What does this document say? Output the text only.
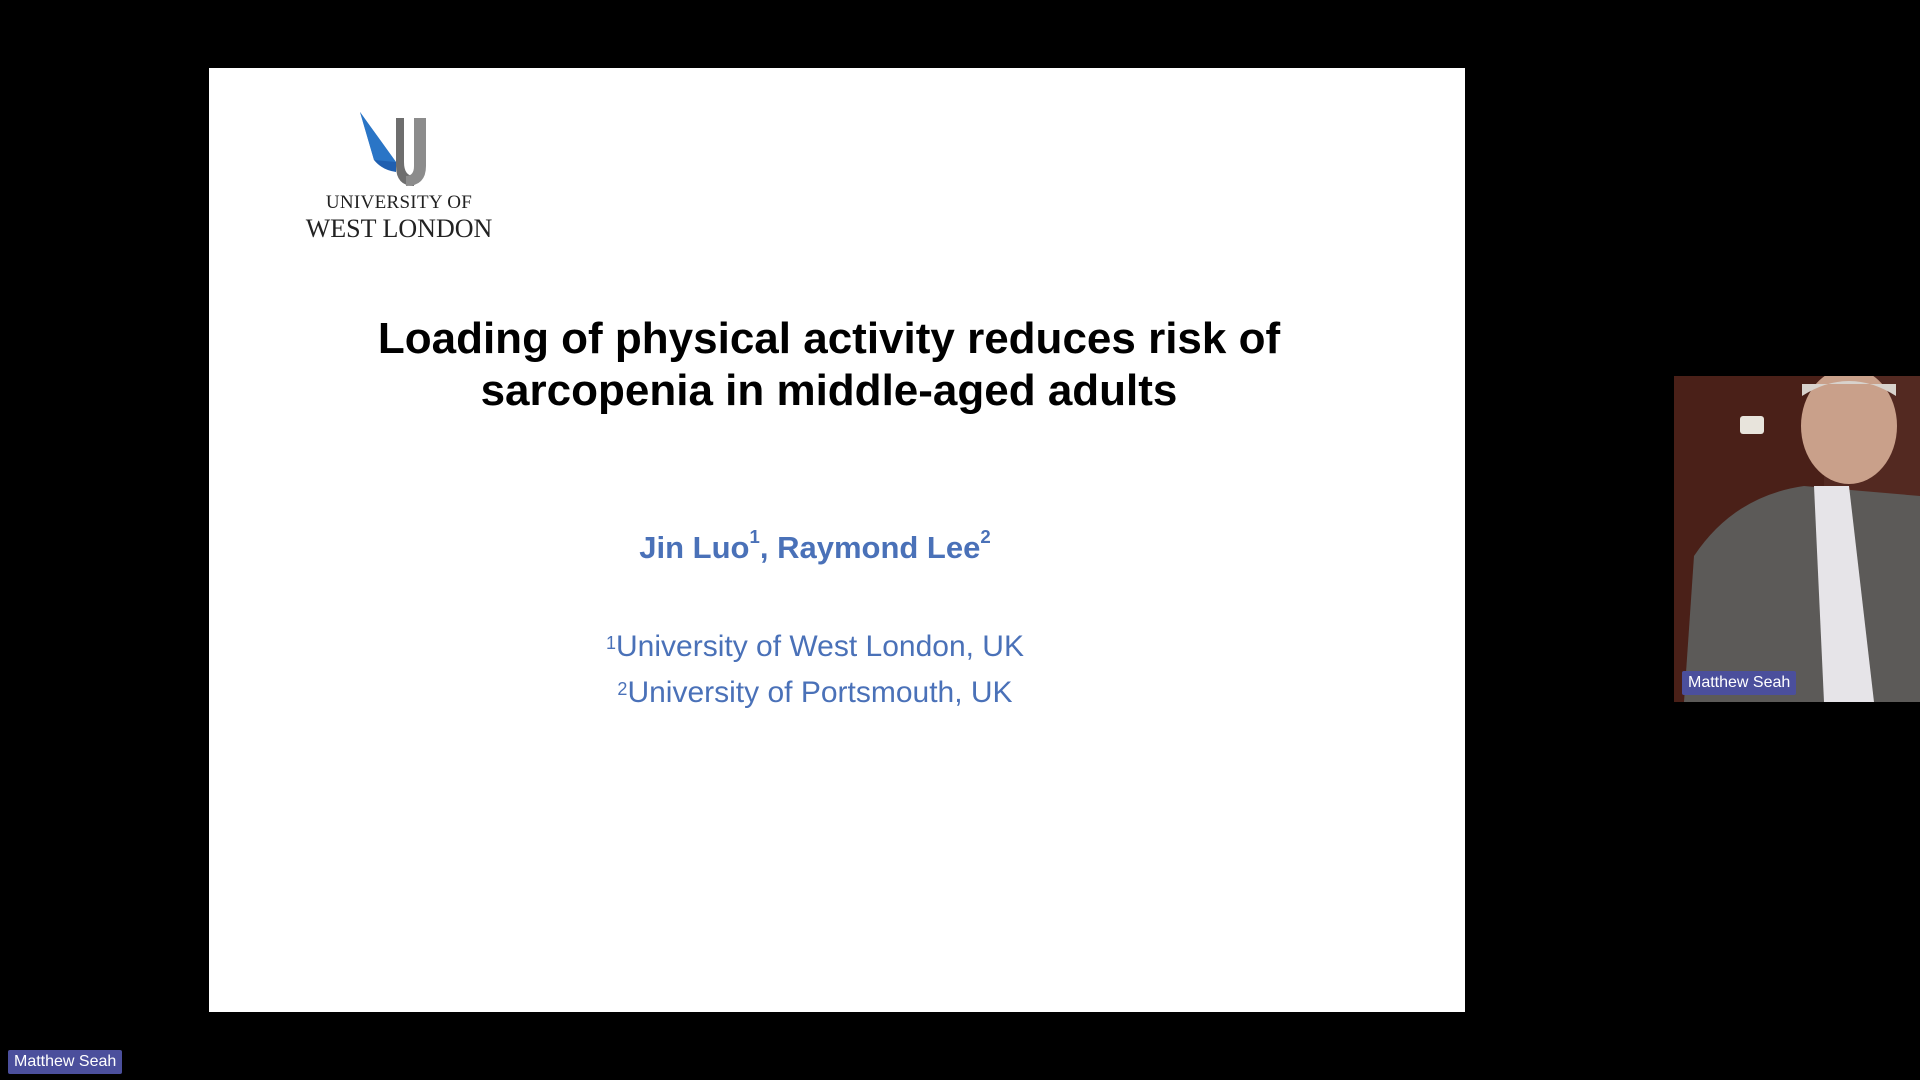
UNIVERSITY OF
WEST LONDON
Loading of physical activity reduces risk of sarcopenia in middle-aged adults
Jin Luo$^1$, Raymond Lee$^2$
$^1$University of West London, UK
$^2$University of Portsmouth, UK	Matthew Seah
Matthew Seah
